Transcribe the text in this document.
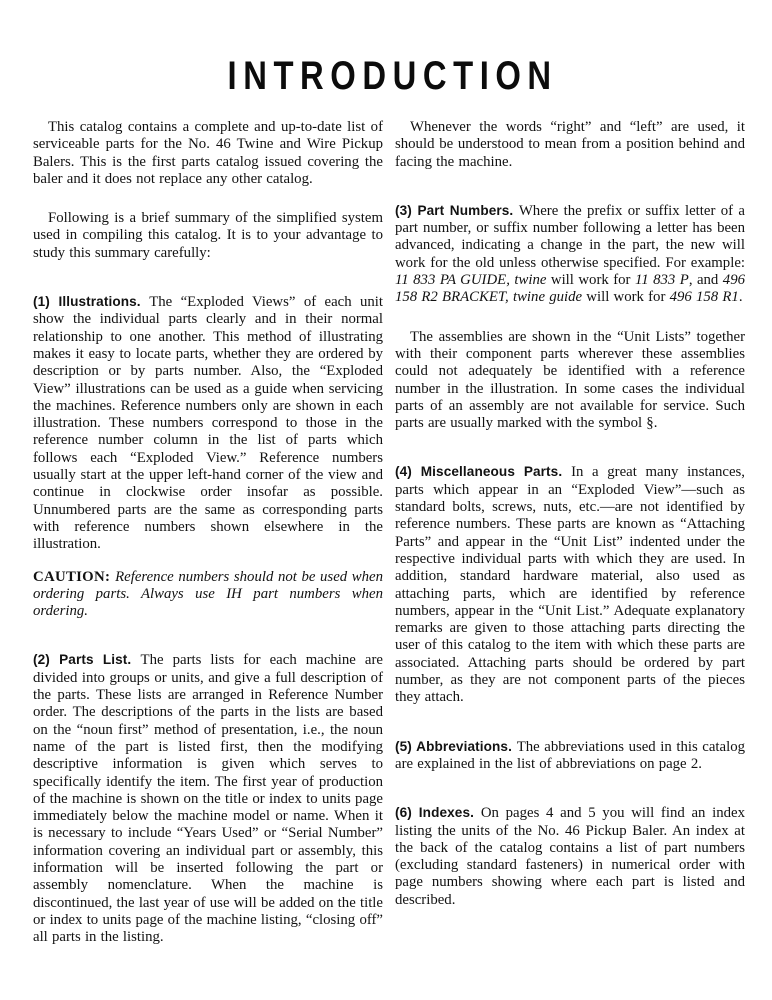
INTRODUCTION

This catalog contains a complete and up-to-date list of serviceable parts for the No. 46 Twine and Wire Pickup Balers. This is the first parts catalog issued covering the baler and it does not replace any other catalog.

Following is a brief summary of the simplified system used in compiling this catalog. It is to your advantage to study this summary carefully:

(1) Illustrations. The “Exploded Views” of each unit show the individual parts clearly and in their normal relationship to one another. This method of illustrating makes it easy to locate parts, whether they are ordered by description or by parts number. Also, the “Exploded View” illustrations can be used as a guide when servicing the machines. Reference numbers only are shown in each illustration. These numbers correspond to those in the reference number column in the list of parts which follows each “Exploded View.” Reference numbers usually start at the upper left-hand corner of the view and continue in clockwise order insofar as possible. Unnumbered parts are the same as corresponding parts with reference numbers shown elsewhere in the illustration.

CAUTION: Reference numbers should not be used when ordering parts. Always use IH part numbers when ordering.

(2) Parts List. The parts lists for each machine are divided into groups or units, and give a full description of the parts. These lists are arranged in Reference Number order. The descriptions of the parts in the lists are based on the “noun first” method of presentation, i.e., the noun name of the part is listed first, then the modifying descriptive information is given which serves to specifically identify the item. The first year of production of the machine is shown on the title or index to units page immediately below the machine model or name. When it is necessary to include “Years Used” or “Serial Number” information covering an individual part or assembly, this information will be inserted following the part or assembly nomenclature. When the machine is discontinued, the last year of use will be added on the title or index to units page of the machine listing, “closing off” all parts in the listing.

Whenever the words “right” and “left” are used, it should be understood to mean from a position behind and facing the machine.

(3) Part Numbers. Where the prefix or suffix letter of a part number, or suffix number following a letter has been advanced, indicating a change in the part, the new will work for the old unless otherwise specified. For example: 11 833 PA GUIDE, twine will work for 11 833 P, and 496 158 R2 BRACKET, twine guide will work for 496 158 R1.

The assemblies are shown in the “Unit Lists” together with their component parts wherever these assemblies could not adequately be identified with a reference number in the illustration. In some cases the individual parts of an assembly are not available for service. Such parts are usually marked with the symbol §.

(4) Miscellaneous Parts. In a great many instances, parts which appear in an “Exploded View”—such as standard bolts, screws, nuts, etc.—are not identified by reference numbers. These parts are known as “Attaching Parts” and appear in the “Unit List” indented under the respective individual parts with which they are used. In addition, standard hardware material, also used as attaching parts, which are identified by reference numbers, appear in the “Unit List.” Adequate explanatory remarks are given to those attaching parts directing the user of this catalog to the item with which these parts are associated. Attaching parts should be ordered by part number, as they are not component parts of the pieces they attach.

(5) Abbreviations. The abbreviations used in this catalog are explained in the list of abbreviations on page 2.

(6) Indexes. On pages 4 and 5 you will find an index listing the units of the No. 46 Pickup Baler. An index at the back of the catalog contains a list of part numbers (excluding standard fasteners) in numerical order with page numbers showing where each part is listed and described.
